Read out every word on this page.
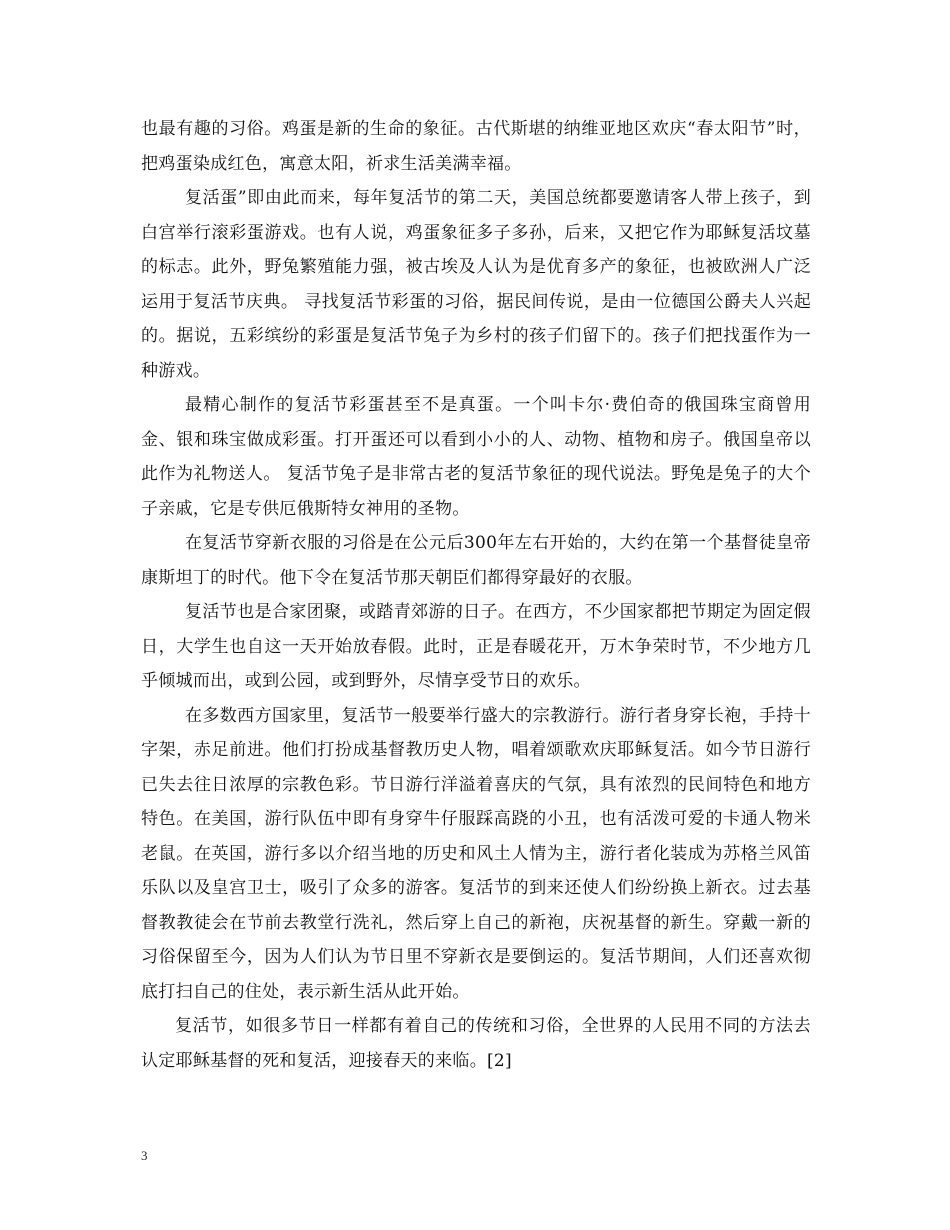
也最有趣的习俗。鸡蛋是新的生命的象征。古代斯堪的纳维亚地区欢庆“春太阳节”时，把鸡蛋染成红色，寓意太阳，祈求生活美满幸福。

复活蛋”即由此而来，每年复活节的第二天，美国总统都要邀请客人带上孩子，到白宫举行滚彩蛋游戏。也有人说，鸡蛋象征多子多孙，后来，又把它作为耶稣复活坟墓的标志。此外，野兔繁殖能力强，被古埃及人认为是优育多产的象征，也被欧洲人广泛运用于复活节庆典。 寻找复活节彩蛋的习俗，据民间传说，是由一位德国公爵夫人兴起的。据说，五彩缤纷的彩蛋是复活节兔子为乡村的孩子们留下的。孩子们把找蛋作为一种游戏。

最精心制作的复活节彩蛋甚至不是真蛋。一个叫卡尔·费伯奇的俄国珠宝商曾用金、银和珠宝做成彩蛋。打开蛋还可以看到小小的人、动物、植物和房子。俄国皇帝以此作为礼物送人。 复活节兔子是非常古老的复活节象征的现代说法。野兔是兔子的大个子亲戚，它是专供厄俄斯特女神用的圣物。

在复活节穿新衣服的习俗是在公元后300年左右开始的，大约在第一个基督徒皇帝康斯坦丁的时代。他下令在复活节那天朝臣们都得穿最好的衣服。

复活节也是合家团聚，或踏青郊游的日子。在西方，不少国家都把节期定为固定假日，大学生也自这一天开始放春假。此时，正是春暖花开，万木争荣时节，不少地方几乎倾城而出，或到公园，或到野外，尽情享受节日的欢乐。

在多数西方国家里，复活节一般要举行盛大的宗教游行。游行者身穿长袍，手持十字架，赤足前进。他们打扮成基督教历史人物，唱着颂歌欢庆耶稣复活。如今节日游行已失去往日浓厚的宗教色彩。节日游行洋溢着喜庆的气氛，具有浓烈的民间特色和地方特色。在美国，游行队伍中即有身穿牛仔服踩高跷的小丑，也有活泼可爱的卡通人物米老鼠。在英国，游行多以介绍当地的历史和风土人情为主，游行者化装成为苏格兰风笛乐队以及皇宫卫士，吸引了众多的游客。复活节的到来还使人们纷纷换上新衣。过去基督教教徒会在节前去教堂行洗礼，然后穿上自己的新袍，庆祝基督的新生。穿戴一新的习俗保留至今，因为人们认为节日里不穿新衣是要倒运的。复活节期间，人们还喜欢彻底打扫自己的住处，表示新生活从此开始。

复活节，如很多节日一样都有着自己的传统和习俗，全世界的人民用不同的方法去认定耶稣基督的死和复活，迎接春天的来临。[2]

3
